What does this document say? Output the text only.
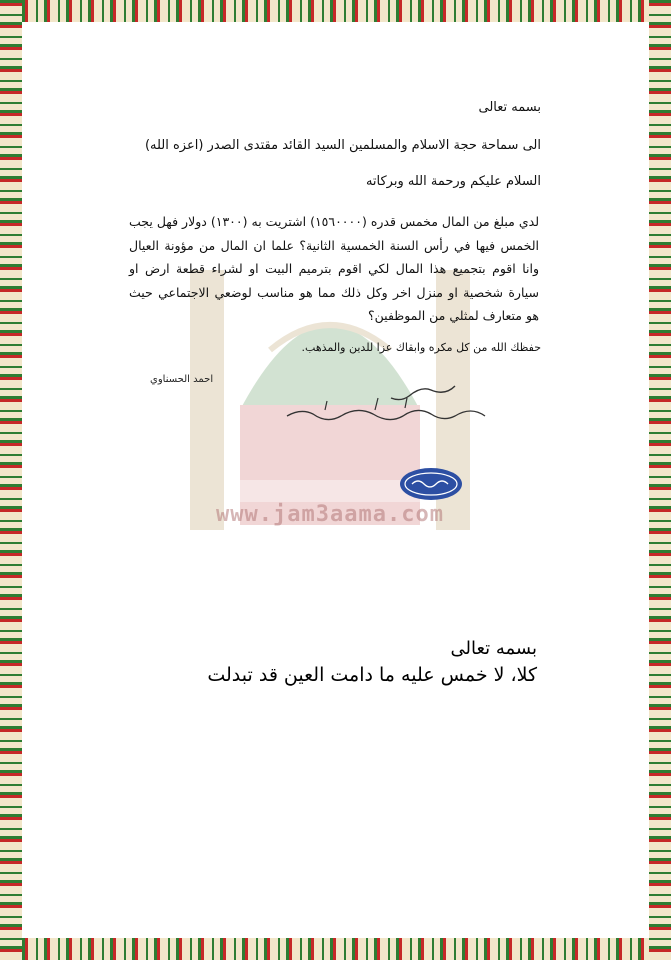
www.jam3aama.com
بسمه تعالى
الى سماحة حجة الاسلام والمسلمين السيد القائد مقتدى الصدر (اعزه الله)
السلام عليكم ورحمة الله وبركاته
لدي مبلغ من المال مخمس قدره (١٥٦٠٠٠٠) اشتريت به (١٣٠٠) دولار فهل يجب الخمس فيها في رأس السنة الخمسية الثانية؟ علما ان المال من مؤونة العيال وانا اقوم بتجميع هذا المال لكي اقوم بترميم البيت او لشراء قطعة ارض او سيارة شخصية او منزل اخر وكل ذلك مما هو مناسب لوضعي الاجتماعي حيث هو متعارف لمثلي من الموظفين؟
حفظك الله من كل مكره وابقاك عزا للدين والمذهب.
احمد الحسناوي
بسمه تعالى
كلا، لا خمس عليه ما دامت العين قد تبدلت
